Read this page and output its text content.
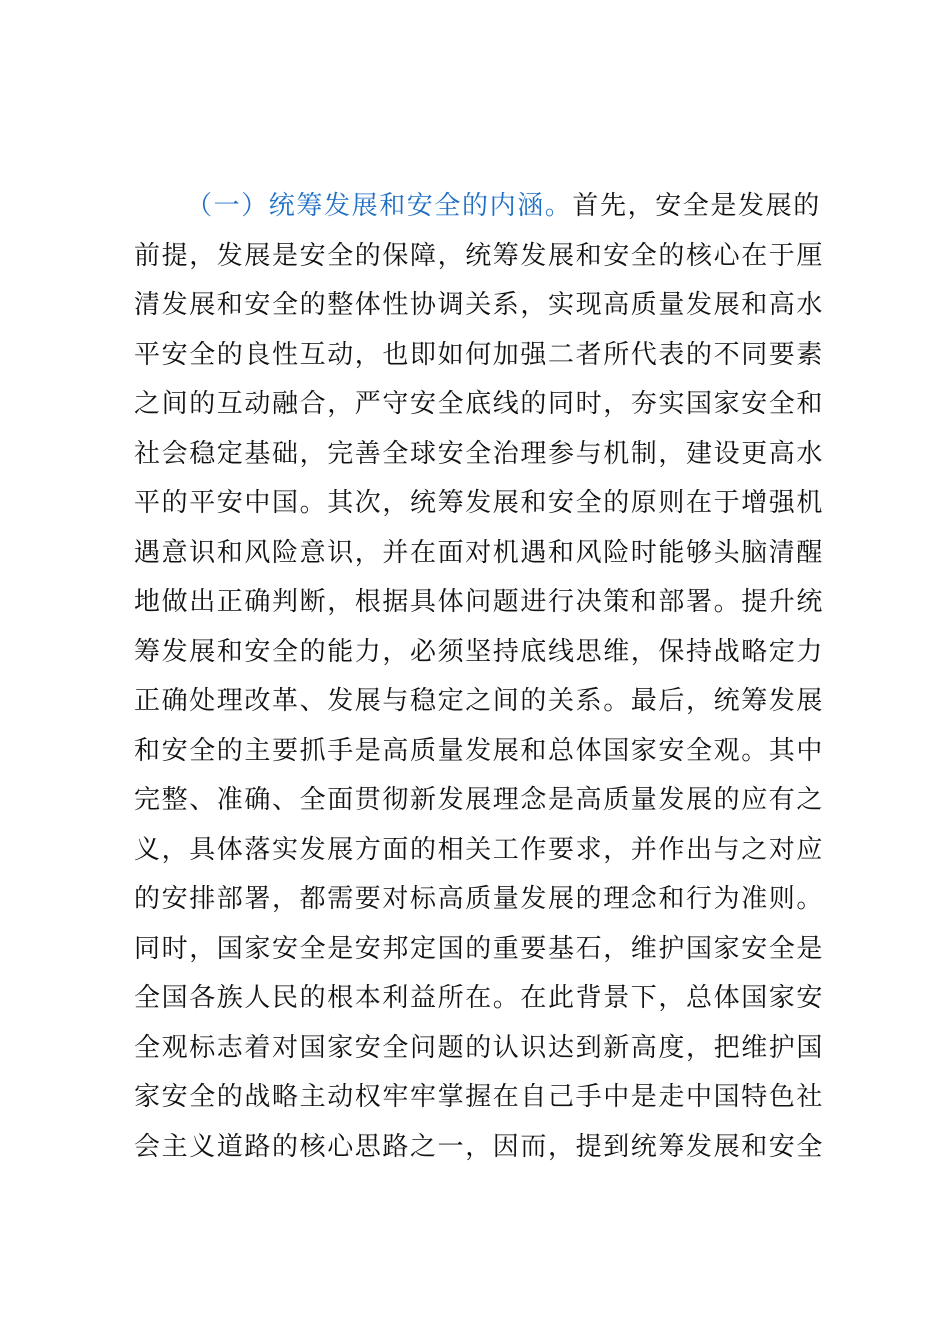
（一）统筹发展和安全的内涵。首先，安全是发展的
前提，发展是安全的保障，统筹发展和安全的核心在于厘
清发展和安全的整体性协调关系，实现高质量发展和高水
平安全的良性互动，也即如何加强二者所代表的不同要素
之间的互动融合，严守安全底线的同时，夯实国家安全和
社会稳定基础，完善全球安全治理参与机制，建设更高水
平的平安中国。其次，统筹发展和安全的原则在于增强机
遇意识和风险意识，并在面对机遇和风险时能够头脑清醒
地做出正确判断，根据具体问题进行决策和部署。提升统
筹发展和安全的能力，必须坚持底线思维，保持战略定力
正确处理改革、发展与稳定之间的关系。最后，统筹发展
和安全的主要抓手是高质量发展和总体国家安全观。其中
完整、准确、全面贯彻新发展理念是高质量发展的应有之
义，具体落实发展方面的相关工作要求，并作出与之对应
的安排部署，都需要对标高质量发展的理念和行为准则。
同时，国家安全是安邦定国的重要基石，维护国家安全是
全国各族人民的根本利益所在。在此背景下，总体国家安
全观标志着对国家安全问题的认识达到新高度，把维护国
家安全的战略主动权牢牢掌握在自己手中是走中国特色社
会主义道路的核心思路之一，因而，提到统筹发展和安全
